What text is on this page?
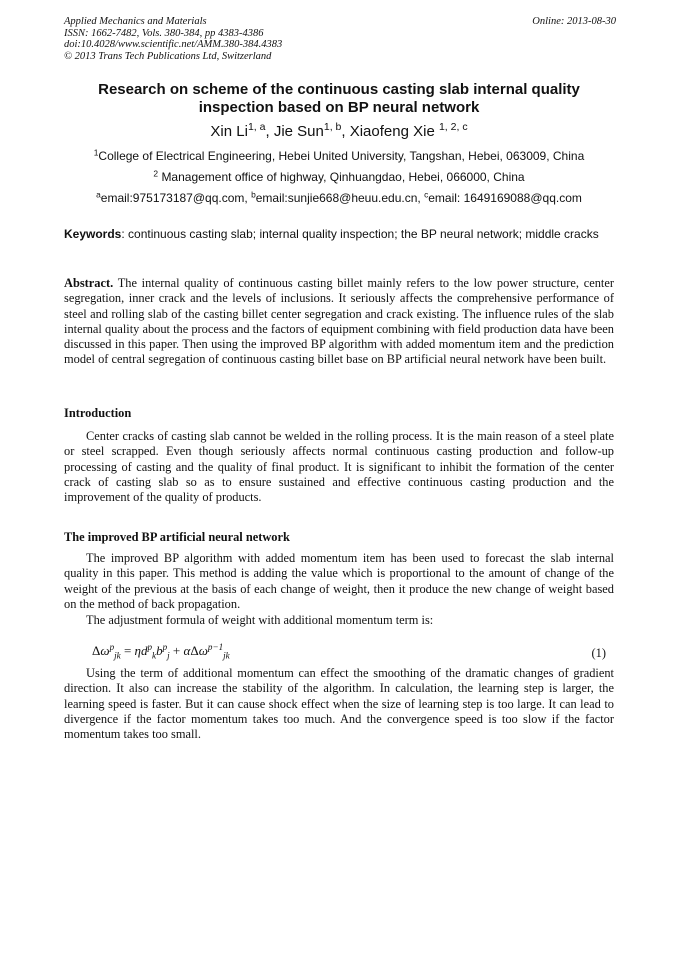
Applied Mechanics and Materials
ISSN: 1662-7482, Vols. 380-384, pp 4383-4386
doi:10.4028/www.scientific.net/AMM.380-384.4383
© 2013 Trans Tech Publications Ltd, Switzerland
Online: 2013-08-30
Research on scheme of the continuous casting slab internal quality inspection based on BP neural network
Xin Li$^{1, a}$, Jie Sun$^{1, b}$, Xiaofeng Xie $^{1, 2, c}$
$^1$College of Electrical Engineering, Hebei United University, Tangshan, Hebei, 063009, China
$^2$ Management office of highway, Qinhuangdao, Hebei, 066000, China
$^a$email:975173187@qq.com, $^b$email:sunjie668@heuu.edu.cn, $^c$email: 1649169088@qq.com
Keywords: continuous casting slab; internal quality inspection; the BP neural network; middle cracks
Abstract. The internal quality of continuous casting billet mainly refers to the low power structure, center segregation, inner crack and the levels of inclusions. It seriously affects the comprehensive performance of steel and rolling slab of the casting billet center segregation and crack existing. The influence rules of the slab internal quality about the process and the factors of equipment combining with field production data have been discussed in this paper. Then using the improved BP algorithm with added momentum item and the prediction model of central segregation of continuous casting billet base on BP artificial neural network have been built.
Introduction
Center cracks of casting slab cannot be welded in the rolling process. It is the main reason of a steel plate or steel scrapped. Even though seriously affects normal continuous casting production and follow-up processing of casting and the quality of final product. It is significant to inhibit the formation of the center crack of casting slab so as to ensure sustained and effective continuous casting production and the improvement of the quality of products.
The improved BP artificial neural network
The improved BP algorithm with added momentum item has been used to forecast the slab internal quality in this paper. This method is adding the value which is proportional to the amount of change of the weight of the previous at the basis of each change of weight, then it produce the new change of weight based on the method of back propagation.
The adjustment formula of weight with additional momentum term is:
$\Delta\omega^p_{jk} = \eta d^p_kb^p_j + \alpha\Delta\omega^{p-1}_{jk}$	(1)
Using the term of additional momentum can effect the smoothing of the dramatic changes of gradient direction. It also can increase the stability of the algorithm. In calculation, the learning step is larger, the learning speed is faster. But it can cause shock effect when the size of learning step is too large. It can lead to divergence if the factor momentum takes too much. And the convergence speed is too slow if the factor momentum takes too small.
